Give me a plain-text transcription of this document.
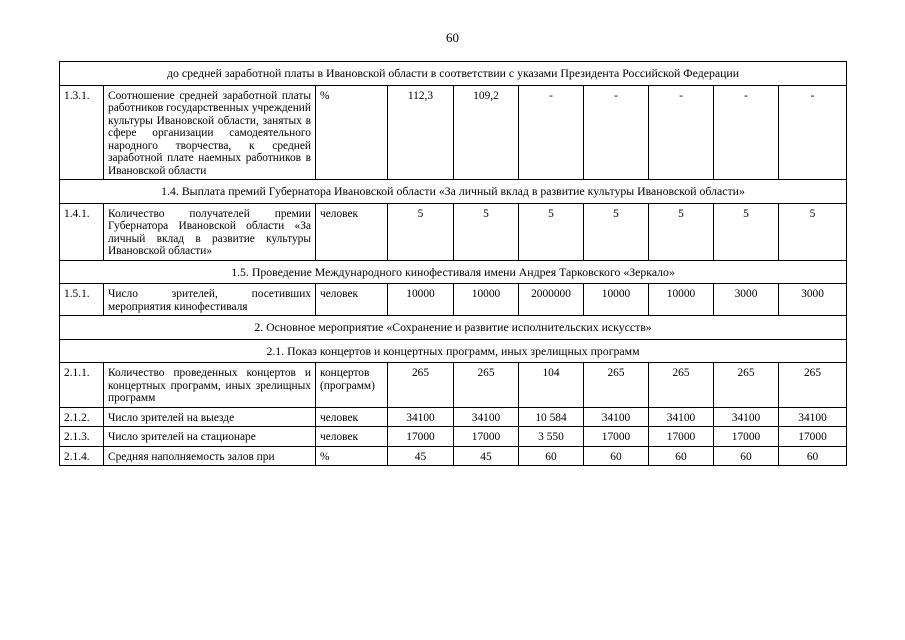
60
до средней заработной платы в Ивановской области в соответствии с указами Президента Российской Федерации									
1.3.1.	Соотношение средней заработной платы работников государственных учреждений культуры Ивановской области, занятых в сфере организации самодеятельного народного творчества, к средней заработной плате наемных работников в Ивановской области	%	112,3	109,2	-	-	-	-	-
1.4. Выплата премий Губернатора Ивановской области «За личный вклад в развитие культуры Ивановской области»									
1.4.1.	Количество получателей премии Губернатора Ивановской области «За личный вклад в развитие культуры Ивановской области»	человек	5	5	5	5	5	5	5
1.5. Проведение Международного кинофестиваля имени Андрея Тарковского «Зеркало»									
1.5.1.	Число зрителей, посетивших мероприятия кинофестиваля	человек	10000	10000	2000000	10000	10000	3000	3000
2. Основное мероприятие «Сохранение и развитие исполнительских искусств»									
2.1. Показ концертов и концертных программ, иных зрелищных программ									
2.1.1.	Количество проведенных концертов и концертных программ, иных зрелищных программ	концертов (программ)	265	265	104	265	265	265	265
2.1.2.	Число зрителей на выезде	человек	34100	34100	10 584	34100	34100	34100	34100
2.1.3.	Число зрителей на стационаре	человек	17000	17000	3 550	17000	17000	17000	17000
2.1.4.	Средняя наполняемость залов при	%	45	45	60	60	60	60	60
